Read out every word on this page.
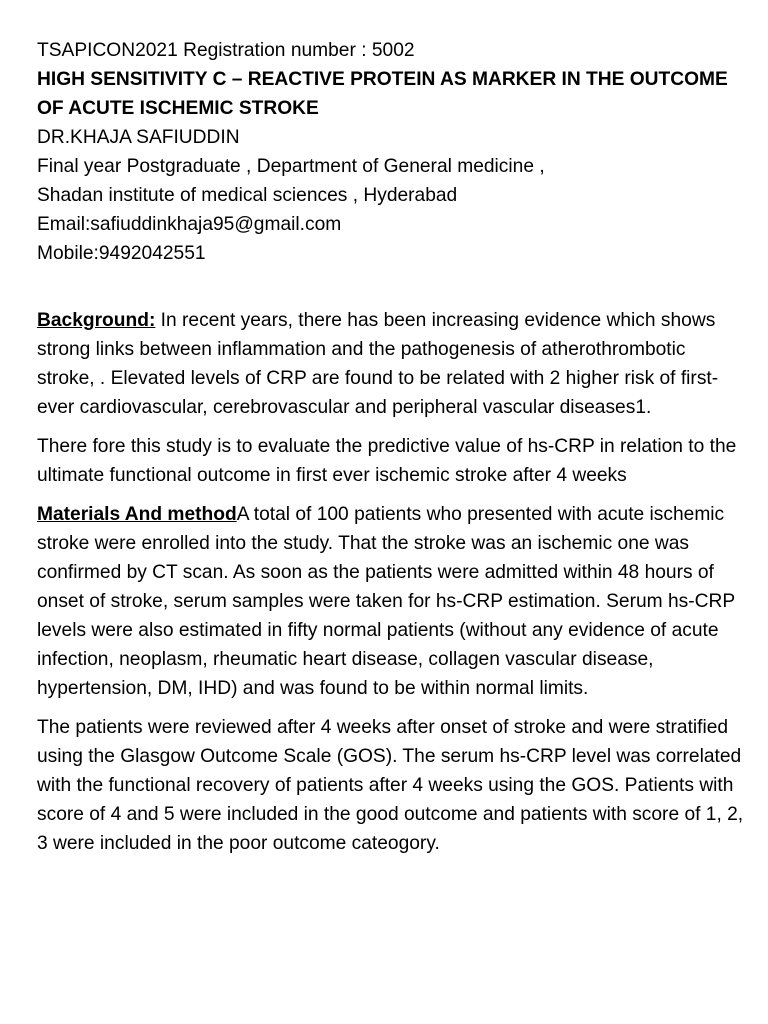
TSAPICON2021 Registration number : 5002
HIGH SENSITIVITY C – REACTIVE PROTEIN AS MARKER IN THE OUTCOME OF ACUTE ISCHEMIC STROKE
DR.KHAJA SAFIUDDIN
Final year Postgraduate , Department of General medicine ,
Shadan institute of medical sciences , Hyderabad
Email:safiuddinkhaja95@gmail.com
Mobile:9492042551

Background: In recent years, there has been increasing evidence which shows strong links between inflammation and the pathogenesis of atherothrombotic stroke, . Elevated levels of CRP are found to be related with 2 higher risk of first-ever cardiovascular, cerebrovascular and peripheral vascular diseases1.

There fore this study is to evaluate the predictive value of hs-CRP in relation to the ultimate functional outcome in first ever ischemic stroke after 4 weeks

Materials And methodA total of 100 patients who presented with acute ischemic stroke were enrolled into the study. That the stroke was an ischemic one was confirmed by CT scan. As soon as the patients were admitted within 48 hours of onset of stroke, serum samples were taken for hs-CRP estimation. Serum hs-CRP levels were also estimated in fifty normal patients (without any evidence of acute infection, neoplasm, rheumatic heart disease, collagen vascular disease, hypertension, DM, IHD) and was found to be within normal limits.

The patients were reviewed after 4 weeks after onset of stroke and were stratified using the Glasgow Outcome Scale (GOS). The serum hs-CRP level was correlated with the functional recovery of patients after 4 weeks using the GOS. Patients with score of 4 and 5 were included in the good outcome and patients with score of 1, 2, 3 were included in the poor outcome cateogory.
